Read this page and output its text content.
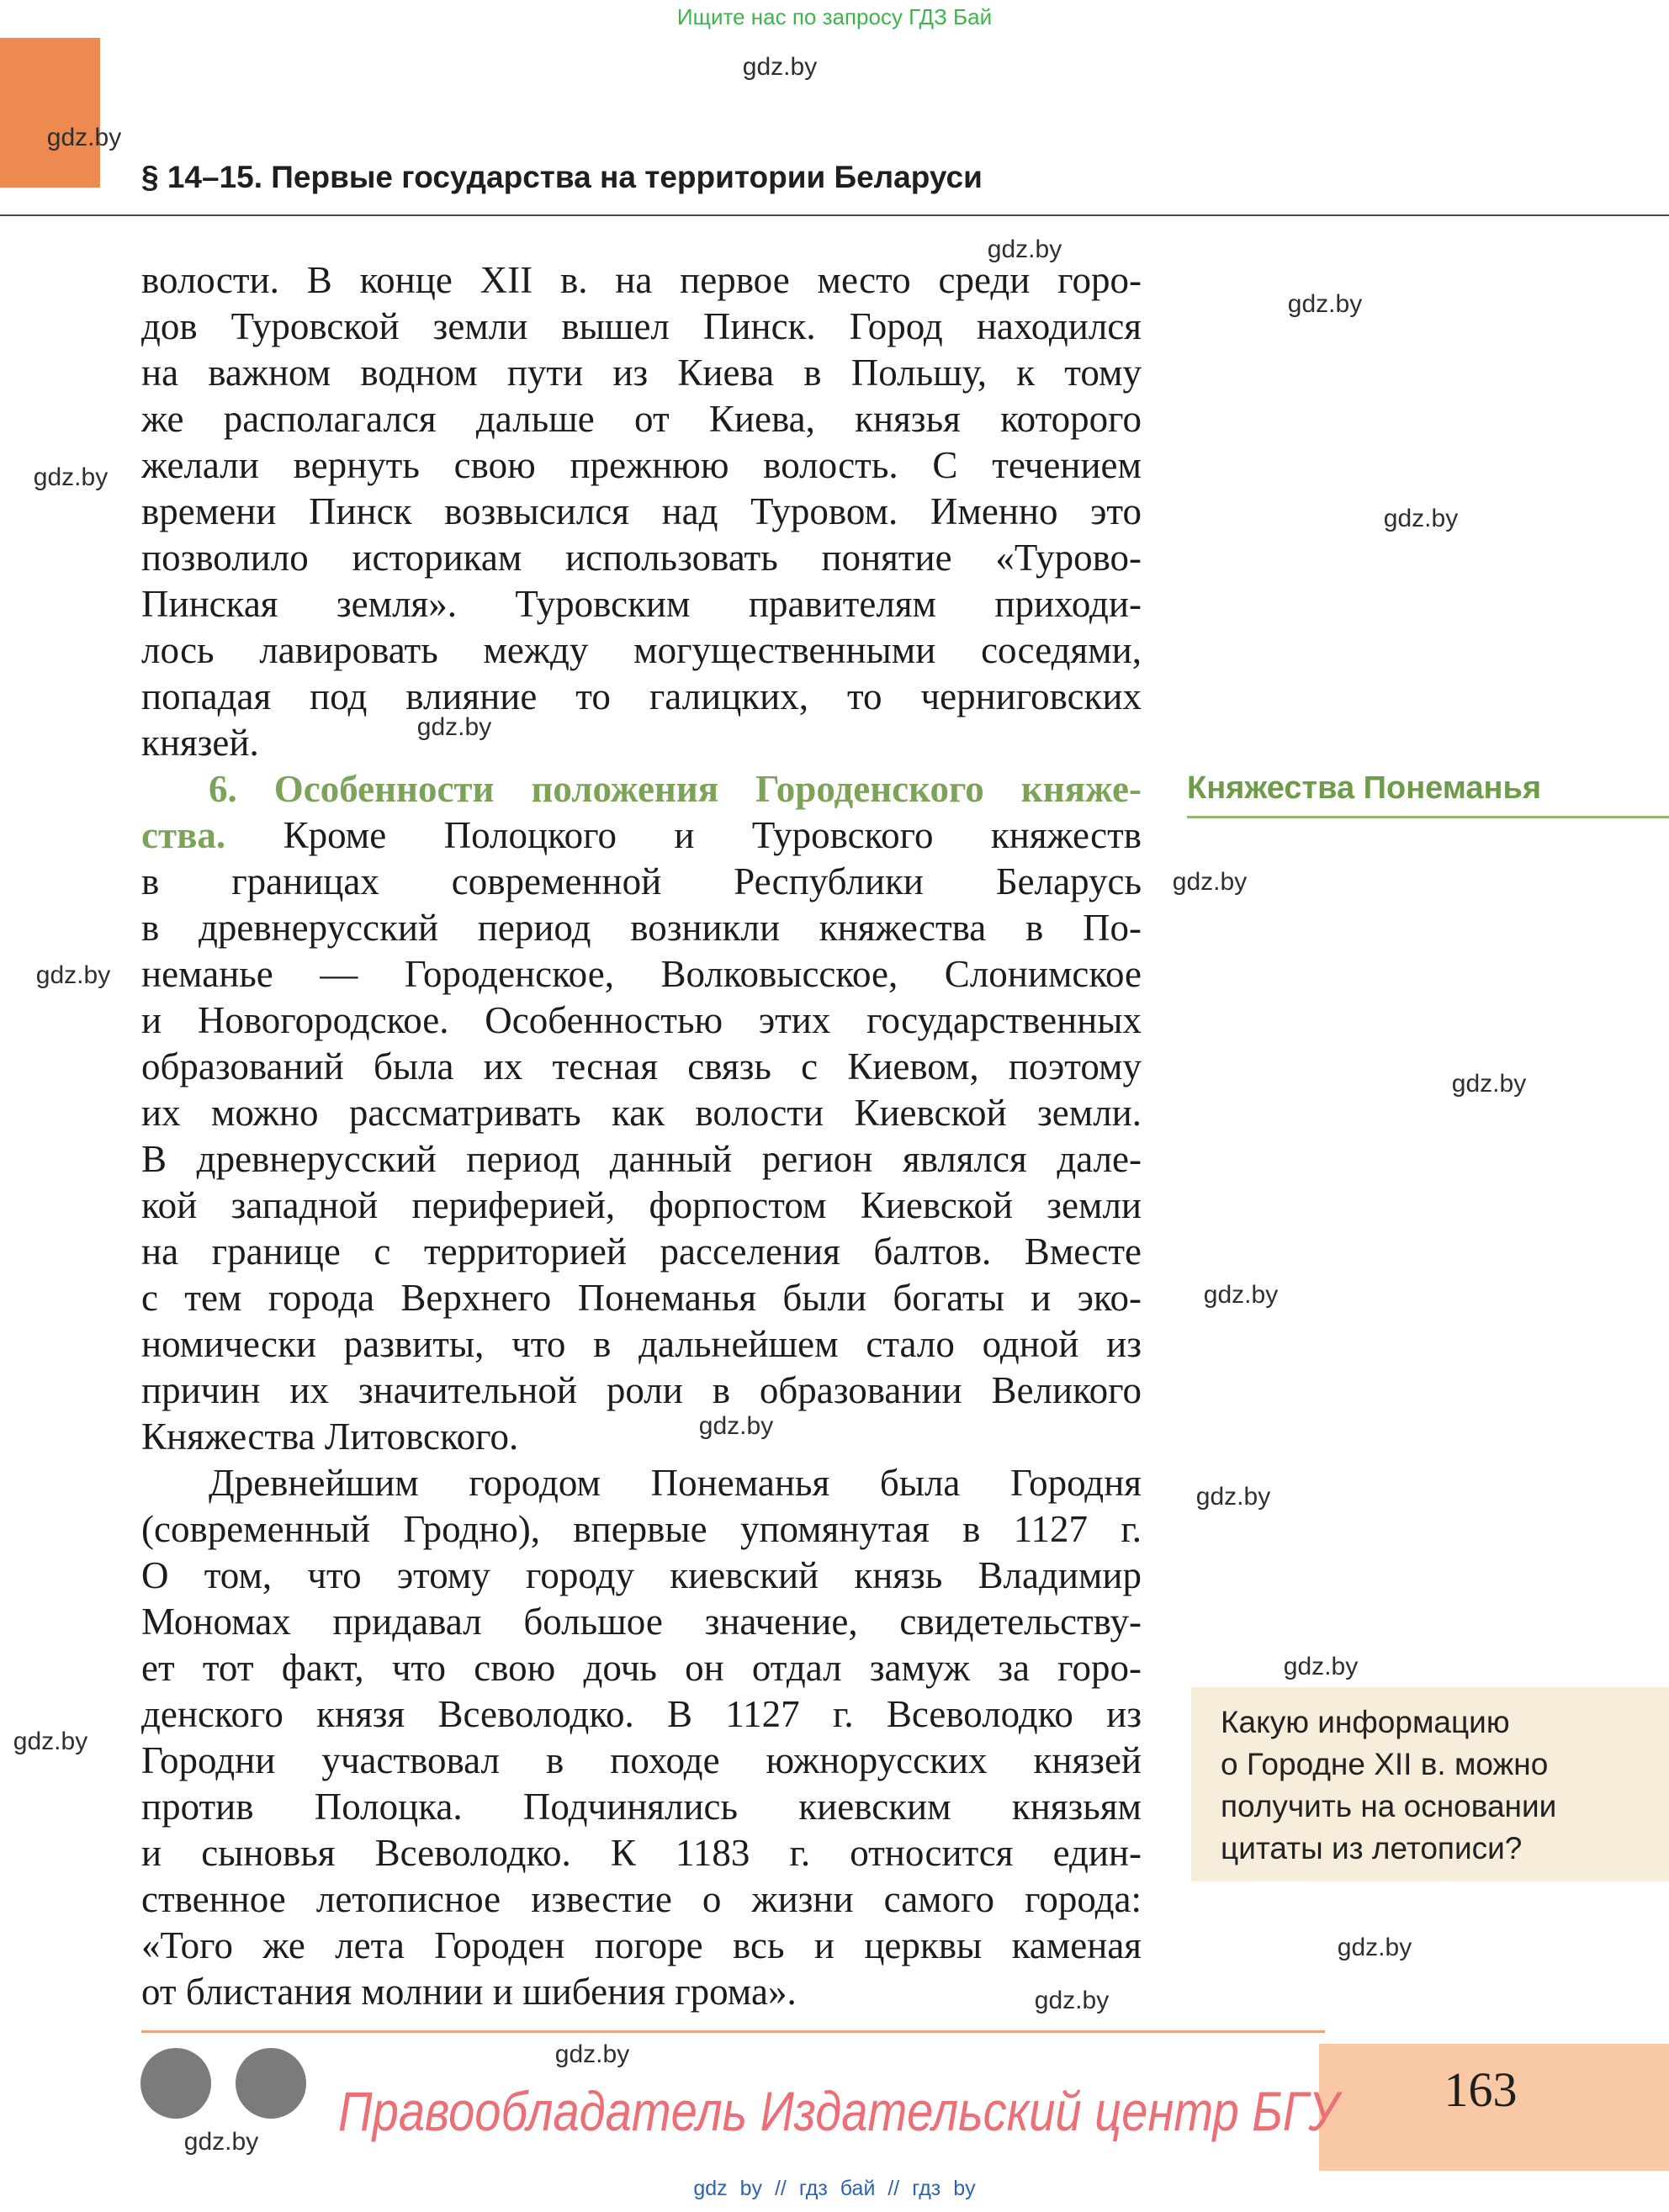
Ищите нас по запросу ГДЗ Бай
§ 14–15. Первые государства на территории Беларуси
волости. В конце XII в. на первое место среди горо-
дов Туровской земли вышел Пинск. Город находился
на важном водном пути из Киева в Польшу, к тому
же располагался дальше от Киева, князья которого
желали вернуть свою прежнюю волость. С течением
времени Пинск возвысился над Туровом. Именно это
позволило историкам использовать понятие «Турово-
Пинская земля». Туровским правителям приходи-
лось лавировать между могущественными соседями,
попадая под влияние то галицких, то черниговских
князей.
6. Особенности положения Городенского княже-
ства. Кроме Полоцкого и Туровского княжеств
в границах современной Республики Беларусь
в древнерусский период возникли княжества в По-
неманье — Городенское, Волковысское, Слонимское
и Новогородское. Особенностью этих государственных
образований была их тесная связь с Киевом, поэтому
их можно рассматривать как волости Киевской земли.
В древнерусский период данный регион являлся дале-
кой западной периферией, форпостом Киевской земли
на границе с территорией расселения балтов. Вместе
с тем города Верхнего Понеманья были богаты и эко-
номически развиты, что в дальнейшем стало одной из
причин их значительной роли в образовании Великого
Княжества Литовского.
Древнейшим городом Понеманья была Городня
(современный Гродно), впервые упомянутая в 1127 г.
О том, что этому городу киевский князь Владимир
Мономах придавал большое значение, свидетельству-
ет тот факт, что свою дочь он отдал замуж за горо-
денского князя Всеволодко. В 1127 г. Всеволодко из
Городни участвовал в походе южнорусских князей
против Полоцка. Подчинялись киевским князьям
и сыновья Всеволодко. К 1183 г. относится един-
ственное летописное известие о жизни самого города:
«Того же лета Городен погоре всь и церквы каменая
от блистания молнии и шибения грома».
Княжества Понеманья
Какую информацию
о Городне XII в. можно
получить на основании
цитаты из летописи?
163
Правообладатель Издательский центр БГУ
gdz by // гдз бай // гдз by
gdz.by
gdz.by
gdz.by
gdz.by
gdz.by
gdz.by
gdz.by
gdz.by
gdz.by
gdz.by
gdz.by
gdz.by
gdz.by
gdz.by
gdz.by
gdz.by
gdz.by
gdz.by
gdz.by
